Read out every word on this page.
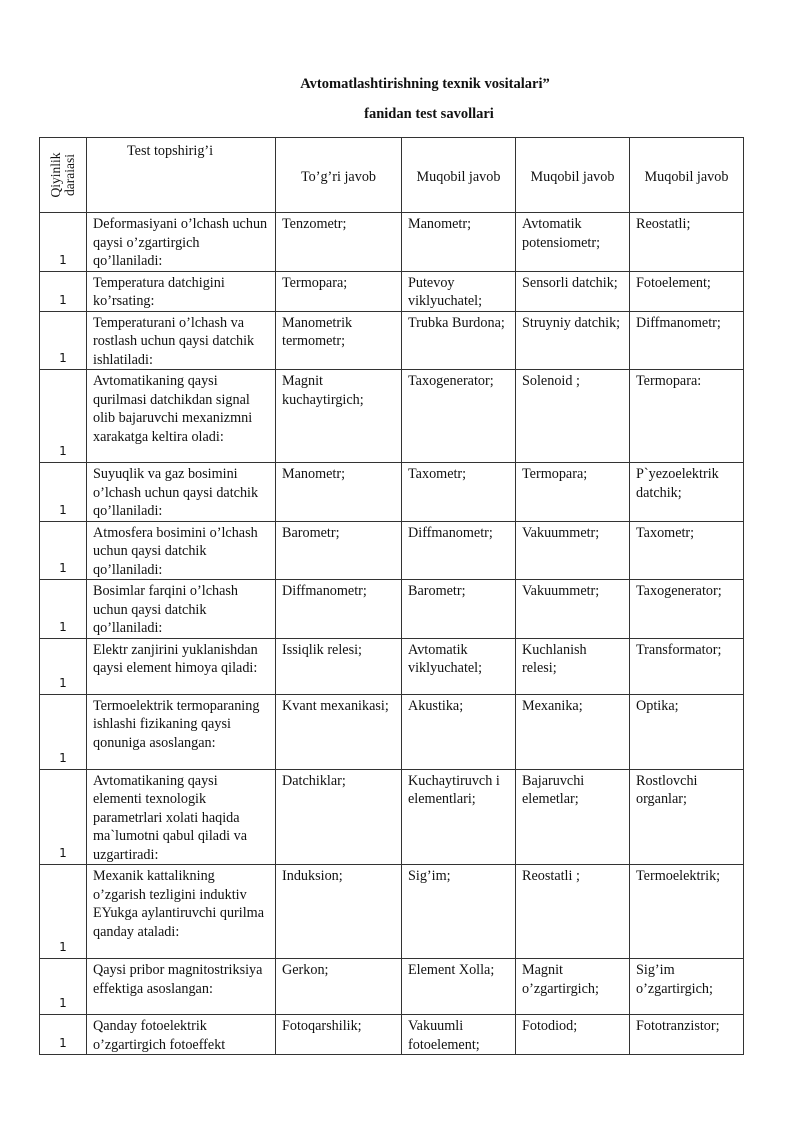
Avtomatlashtirishning texnik vositalari”
fanidan test savollari
Qiyinlik daraiasi	Test topshirig’i	To’g’ri javob	Muqobil javob	Muqobil javob	Muqobil javob

1	Deformasiyani o’lchash uchun qaysi o’zgartirgich qo’llaniladi:	Tenzometr;	Manometr;	Avtomatik potensiometr;	Reostatli;

1	Temperatura datchigini ko’rsating:	Termopara;	Putevoy viklyuchatel;	Sensorli datchik;	Fotoelement;

1	Temperaturani o’lchash va rostlash uchun qaysi datchik ishlatiladi:	Manometrik termometr;	Trubka Burdona;	Struyniy datchik;	Diffmanometr;

1	Avtomatikaning qaysi qurilmasi datchikdan signal olib bajaruvchi mexanizmni xarakatga keltira oladi:	Magnit kuchaytirgich;	Taxogenerator;	Solenoid ;	Termopara:

1	Suyuqlik va gaz bosimini o’lchash uchun qaysi datchik qo’llaniladi:	Manometr;	Taxometr;	Termopara;	P`yezoelektrik datchik;

1	Atmosfera bosimini o’lchash uchun qaysi datchik qo’llaniladi:	Barometr;	Diffmanometr;	Vakuummetr;	Taxometr;

1	Bosimlar farqini o’lchash uchun qaysi datchik qo’llaniladi:	Diffmanometr;	Barometr;	Vakuummetr;	Taxogenerator;

1	Elektr zanjirini yuklanishdan qaysi element himoya qiladi:	Issiqlik relesi;	Avtomatik viklyuchatel;	Kuchlanish relesi;	Transformator;

1	Termoelektrik termoparaning ishlashi fizikaning qaysi qonuniga asoslangan:	Kvant mexanikasi;	Akustika;	Mexanika;	Optika;

1	Avtomatikaning qaysi elementi texnologik parametrlari xolati haqida ma`lumotni qabul qiladi va uzgartiradi:	Datchiklar;	Kuchaytiruvch i elementlari;	Bajaruvchi elemetlar;	Rostlovchi organlar;

1	Mexanik kattalikning o’zgarish tezligini induktiv EYukga aylantiruvchi qurilma qanday ataladi:	Induksion;	Sig’im;	Reostatli ;	Termoelektrik;

1	Qaysi pribor magnitostriksiya effektiga asoslangan:	Gerkon;	Element Xolla;	Magnit o’zgartirgich;	Sig’im o’zgartirgich;

1	Qanday fotoelektrik o’zgartirgich fotoeffekt	Fotoqarshilik;	Vakuumli fotoelement;	Fotodiod;	Fototranzistor;
